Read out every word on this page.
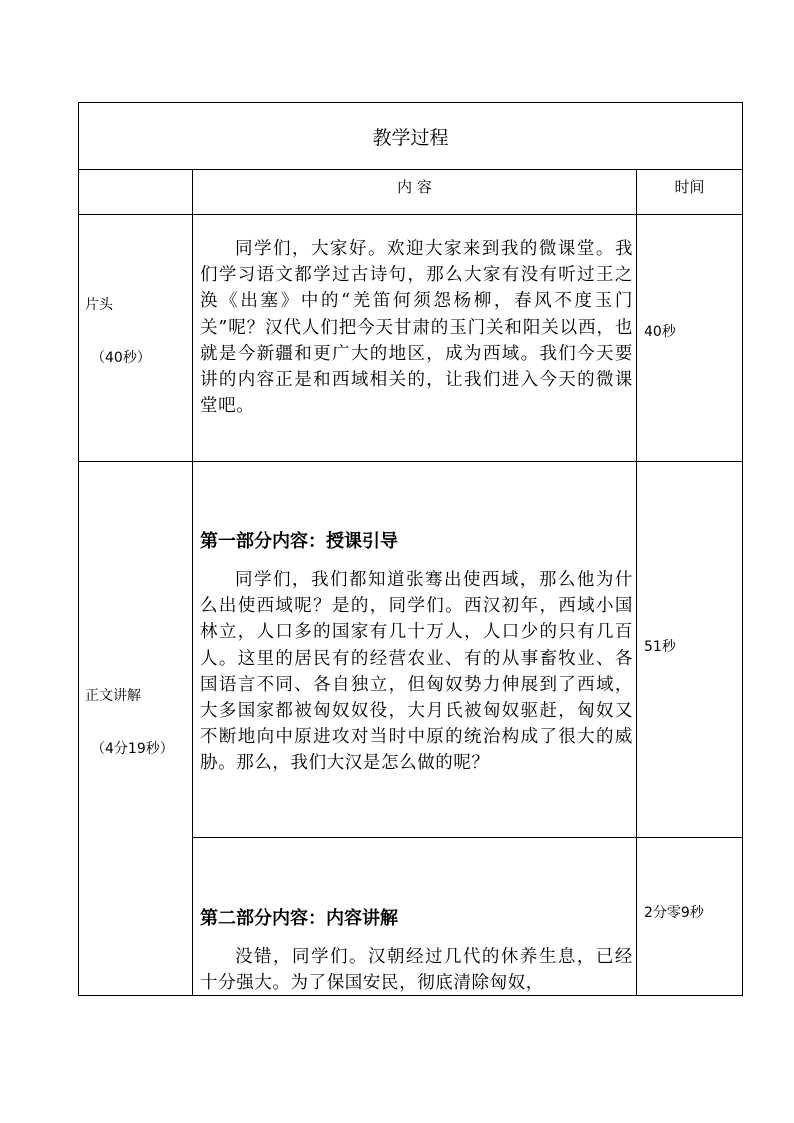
教学过程
内 容	时间
片头
（40秒）

同学们，大家好。欢迎大家来到我的微课堂。我们学习语文都学过古诗句，那么大家有没有听过王之涣《出塞》中的“羌笛何须怨杨柳，春风不度玉门关”呢？汉代人们把今天甘肃的玉门关和阳关以西，也就是今新疆和更广大的地区，成为西域。我们今天要讲的内容正是和西域相关的，让我们进入今天的微课堂吧。

40秒
正文讲解
（4分19秒）
第一部分内容：授课引导

同学们，我们都知道张骞出使西域，那么他为什么出使西域呢？是的，同学们。西汉初年，西域小国林立，人口多的国家有几十万人，人口少的只有几百人。这里的居民有的经营农业、有的从事畜牧业、各国语言不同、各自独立，但匈奴势力伸展到了西域，大多国家都被匈奴奴役，大月氏被匈奴驱赶，匈奴又不断地向中原进攻对当时中原的统治构成了很大的威胁。那么，我们大汉是怎么做的呢？

51秒
第二部分内容：内容讲解

没错，同学们。汉朝经过几代的休养生息，已经十分强大。为了保国安民，彻底清除匈奴，

2分零9秒
